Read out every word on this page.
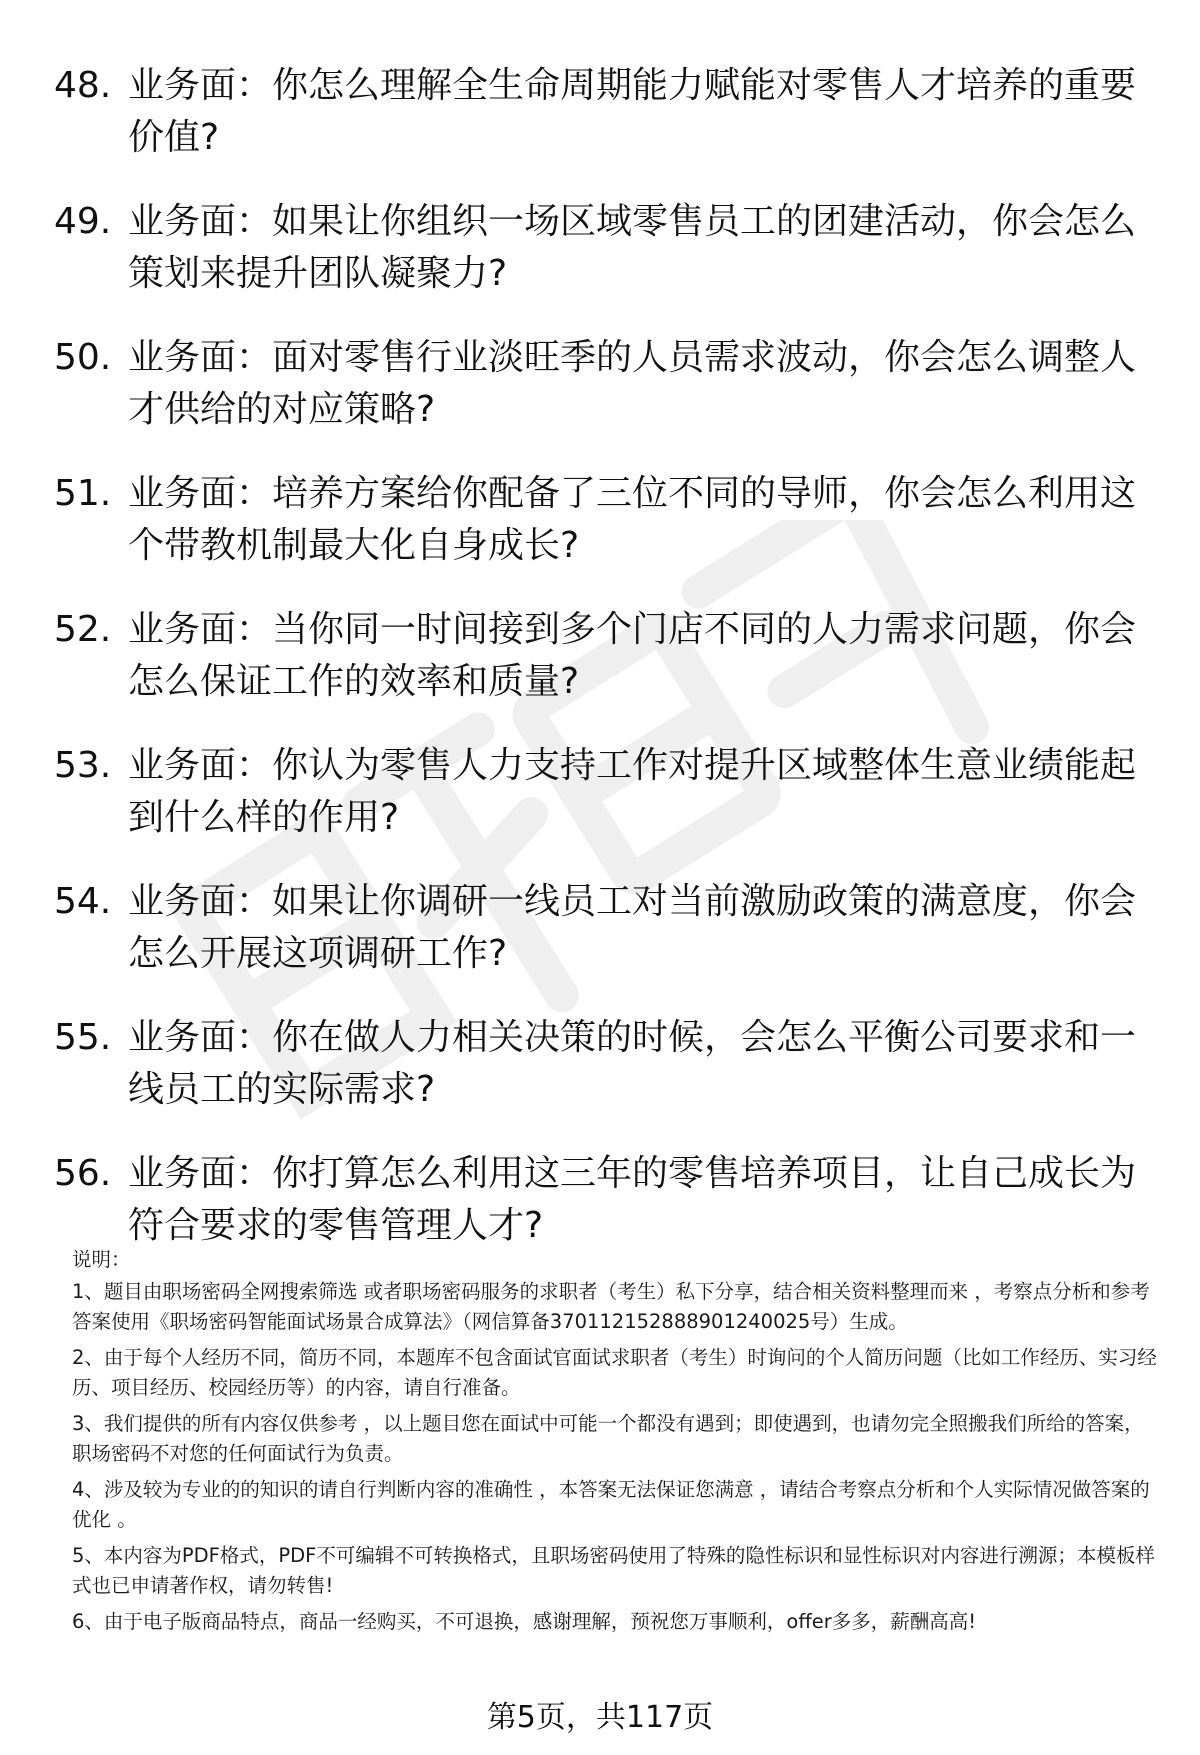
48. 业务面：你怎么理解全生命周期能力赋能对零售人才培养的重要价值?
49. 业务面：如果让你组织一场区域零售员工的团建活动，你会怎么策划来提升团队凝聚力?
50. 业务面：面对零售行业淡旺季的人员需求波动，你会怎么调整人才供给的对应策略?
51. 业务面：培养方案给你配备了三位不同的导师，你会怎么利用这个带教机制最大化自身成长?
52. 业务面：当你同一时间接到多个门店不同的人力需求问题，你会怎么保证工作的效率和质量?
53. 业务面：你认为零售人力支持工作对提升区域整体生意业绩能起到什么样的作用?
54. 业务面：如果让你调研一线员工对当前激励政策的满意度，你会怎么开展这项调研工作?
55. 业务面：你在做人力相关决策的时候，会怎么平衡公司要求和一线员工的实际需求?
56. 业务面：你打算怎么利用这三年的零售培养项目，让自己成长为符合要求的零售管理人才?

说明：

1、题目由职场密码全网搜索筛选 或者职场密码服务的求职者（考生）私下分享，结合相关资料整理而来 ，考察点分析和参考答案使用《职场密码智能面试场景合成算法》（网信算备370112152888901240025号）生成。

2、由于每个人经历不同，简历不同，本题库不包含面试官面试求职者（考生）时询问的个人简历问题（比如工作经历、实习经历、项目经历、校园经历等）的内容，请自行准备。

3、我们提供的所有内容仅供参考 ，以上题目您在面试中可能一个都没有遇到；即使遇到，也请勿完全照搬我们所给的答案，职场密码不对您的任何面试行为负责。

4、涉及较为专业的的知识的请自行判断内容的准确性 ，本答案无法保证您满意 ，请结合考察点分析和个人实际情况做答案的优化 。

5、本内容为PDF格式，PDF不可编辑不可转换格式，且职场密码使用了特殊的隐性标识和显性标识对内容进行溯源；本模板样式也已申请著作权，请勿转售!

6、由于电子版商品特点，商品一经购买，不可退换，感谢理解，预祝您万事顺利，offer多多，薪酬高高!

第5页，共117页
